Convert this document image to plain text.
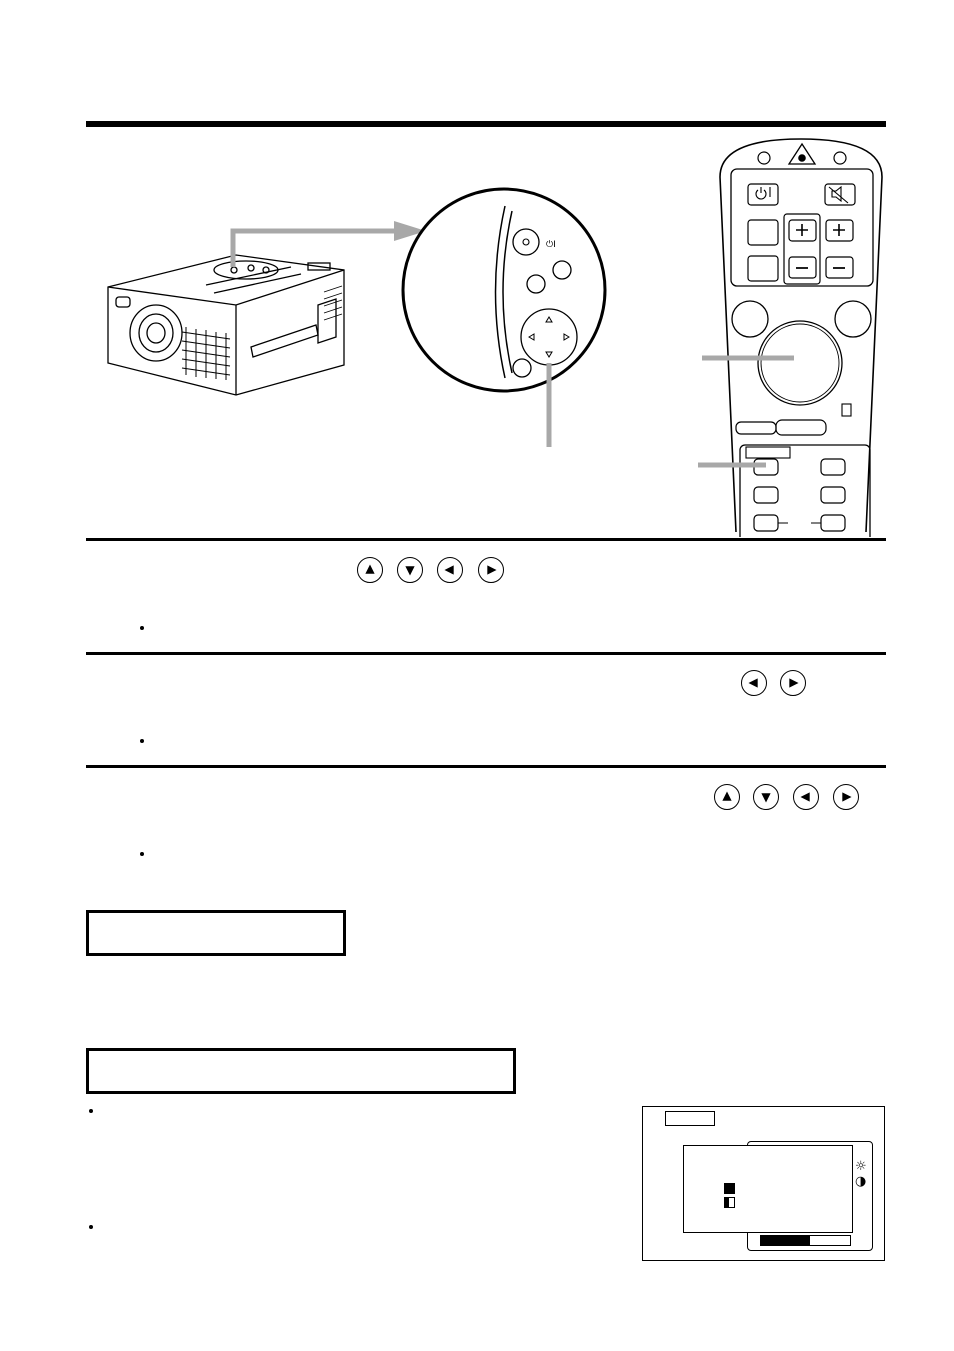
⏻I
☼
◑
